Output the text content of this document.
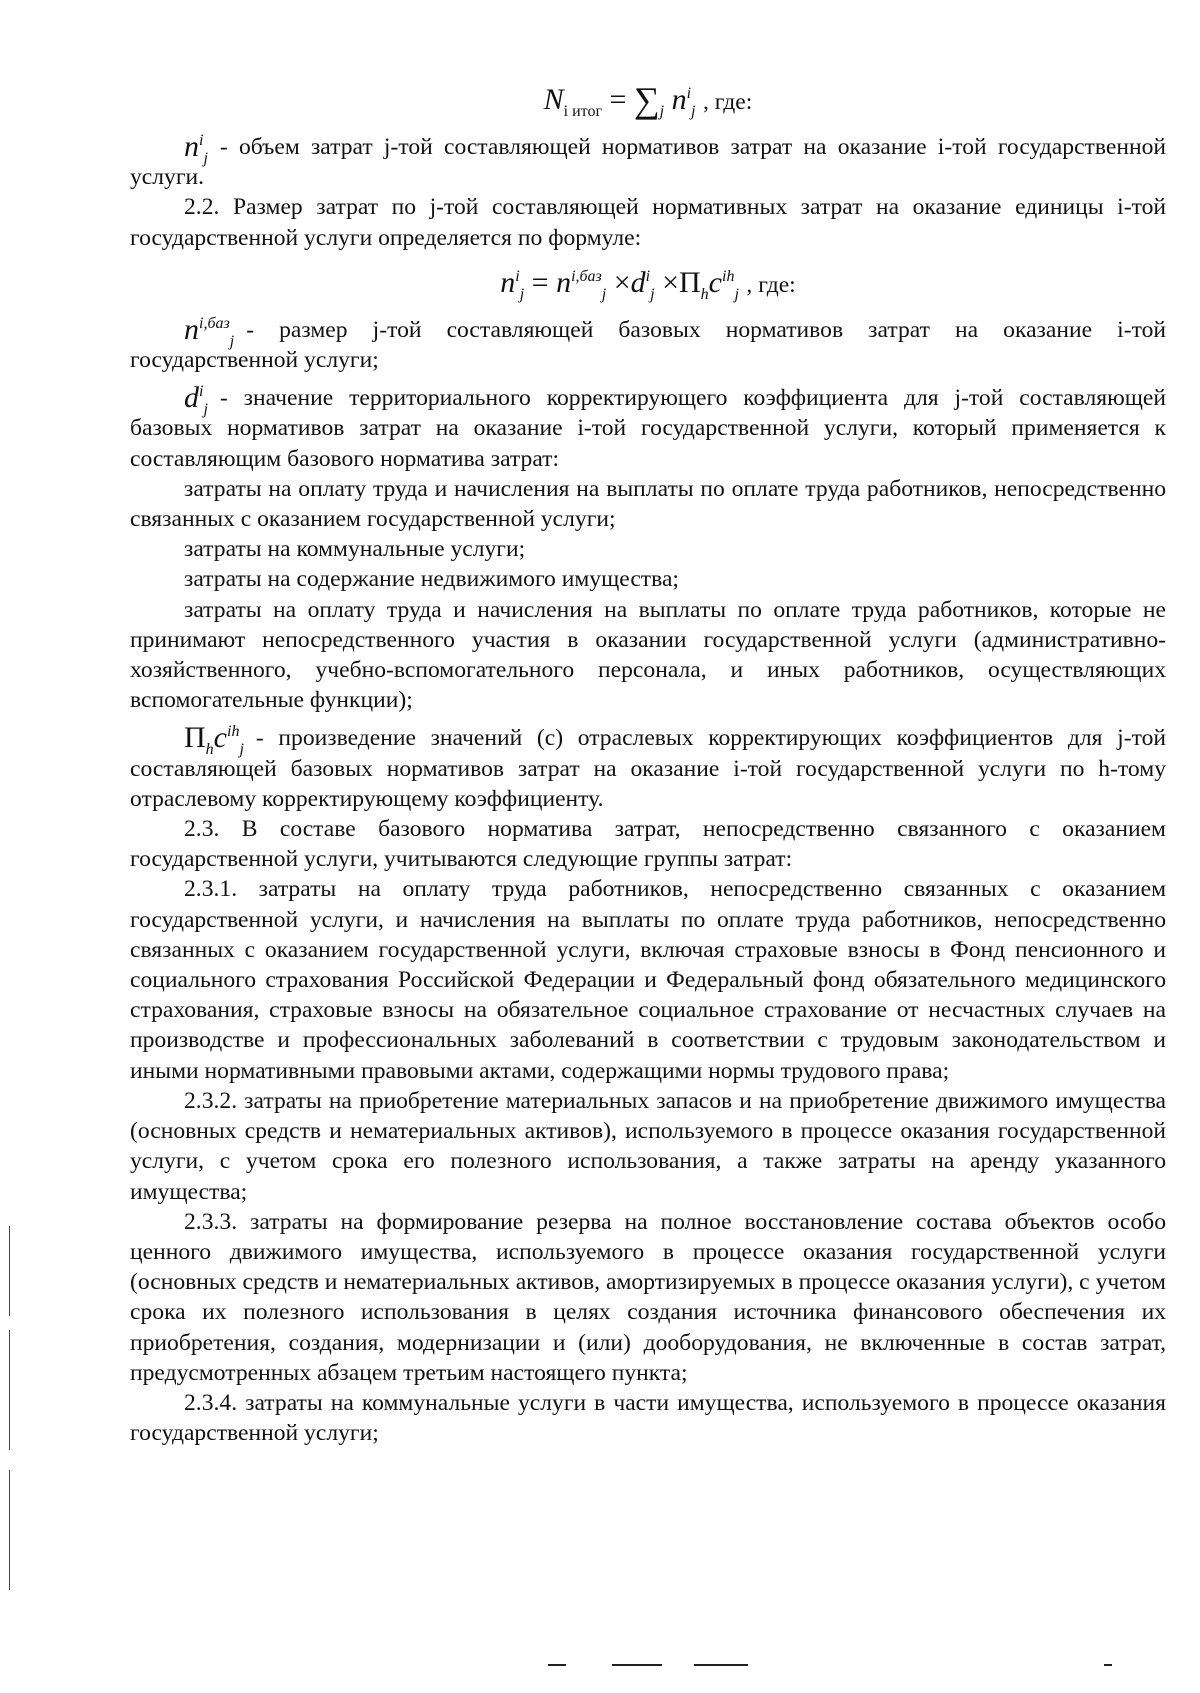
$N_{i итог} = \sum_j$ $n^i_j$ , где:

$n^i_j$ - объем затрат j-той составляющей нормативов затрат на оказание i-той государственной услуги.

2.2. Размер затрат по j-той составляющей нормативных затрат на оказание единицы i-той государственной услуги определяется по формуле:

$n^i_j = n^{i,баз}_j \times d^i_j \times\Pi_hc^{ih}_j$ , где:

$n^{i,баз}_j$ - размер j-той составляющей базовых нормативов затрат на оказание i-той государственной услуги;

$d^i_j$ - значение территориального корректирующего коэффициента для j-той составляющей базовых нормативов затрат на оказание i-той государственной услуги, который применяется к составляющим базового норматива затрат:

затраты на оплату труда и начисления на выплаты по оплате труда работников, непосредственно связанных с оказанием государственной услуги;

затраты на коммунальные услуги;

затраты на содержание недвижимого имущества;

затраты на оплату труда и начисления на выплаты по оплате труда работников, которые не принимают непосредственного участия в оказании государственной услуги (административно-хозяйственного, учебно-вспомогательного персонала, и иных работников, осуществляющих вспомогательные функции);

$\Pi_hc^{ih}_j$ - произведение значений (с) отраслевых корректирующих коэффициентов для j-той составляющей базовых нормативов затрат на оказание i-той государственной услуги по h-тому отраслевому корректирующему коэффициенту.

2.3. В составе базового норматива затрат, непосредственно связанного с оказанием государственной услуги, учитываются следующие группы затрат:

2.3.1. затраты на оплату труда работников, непосредственно связанных с оказанием государственной услуги, и начисления на выплаты по оплате труда работников, непосредственно связанных с оказанием государственной услуги, включая страховые взносы в Фонд пенсионного и социального страхования Российской Федерации и Федеральный фонд обязательного медицинского страхования, страховые взносы на обязательное социальное страхование от несчастных случаев на производстве и профессиональных заболеваний в соответствии с трудовым законодательством и иными нормативными правовыми актами, содержащими нормы трудового права;

2.3.2. затраты на приобретение материальных запасов и на приобретение движимого имущества (основных средств и нематериальных активов), используемого в процессе оказания государственной услуги, с учетом срока его полезного использования, а также затраты на аренду указанного имущества;

2.3.3. затраты на формирование резерва на полное восстановление состава объектов особо ценного движимого имущества, используемого в процессе оказания государственной услуги (основных средств и нематериальных активов, амортизируемых в процессе оказания услуги), с учетом срока их полезного использования в целях создания источника финансового обеспечения их приобретения, создания, модернизации и (или) дооборудования, не включенные в состав затрат, предусмотренных абзацем третьим настоящего пункта;

2.3.4. затраты на коммунальные услуги в части имущества, используемого в процессе оказания государственной услуги;
